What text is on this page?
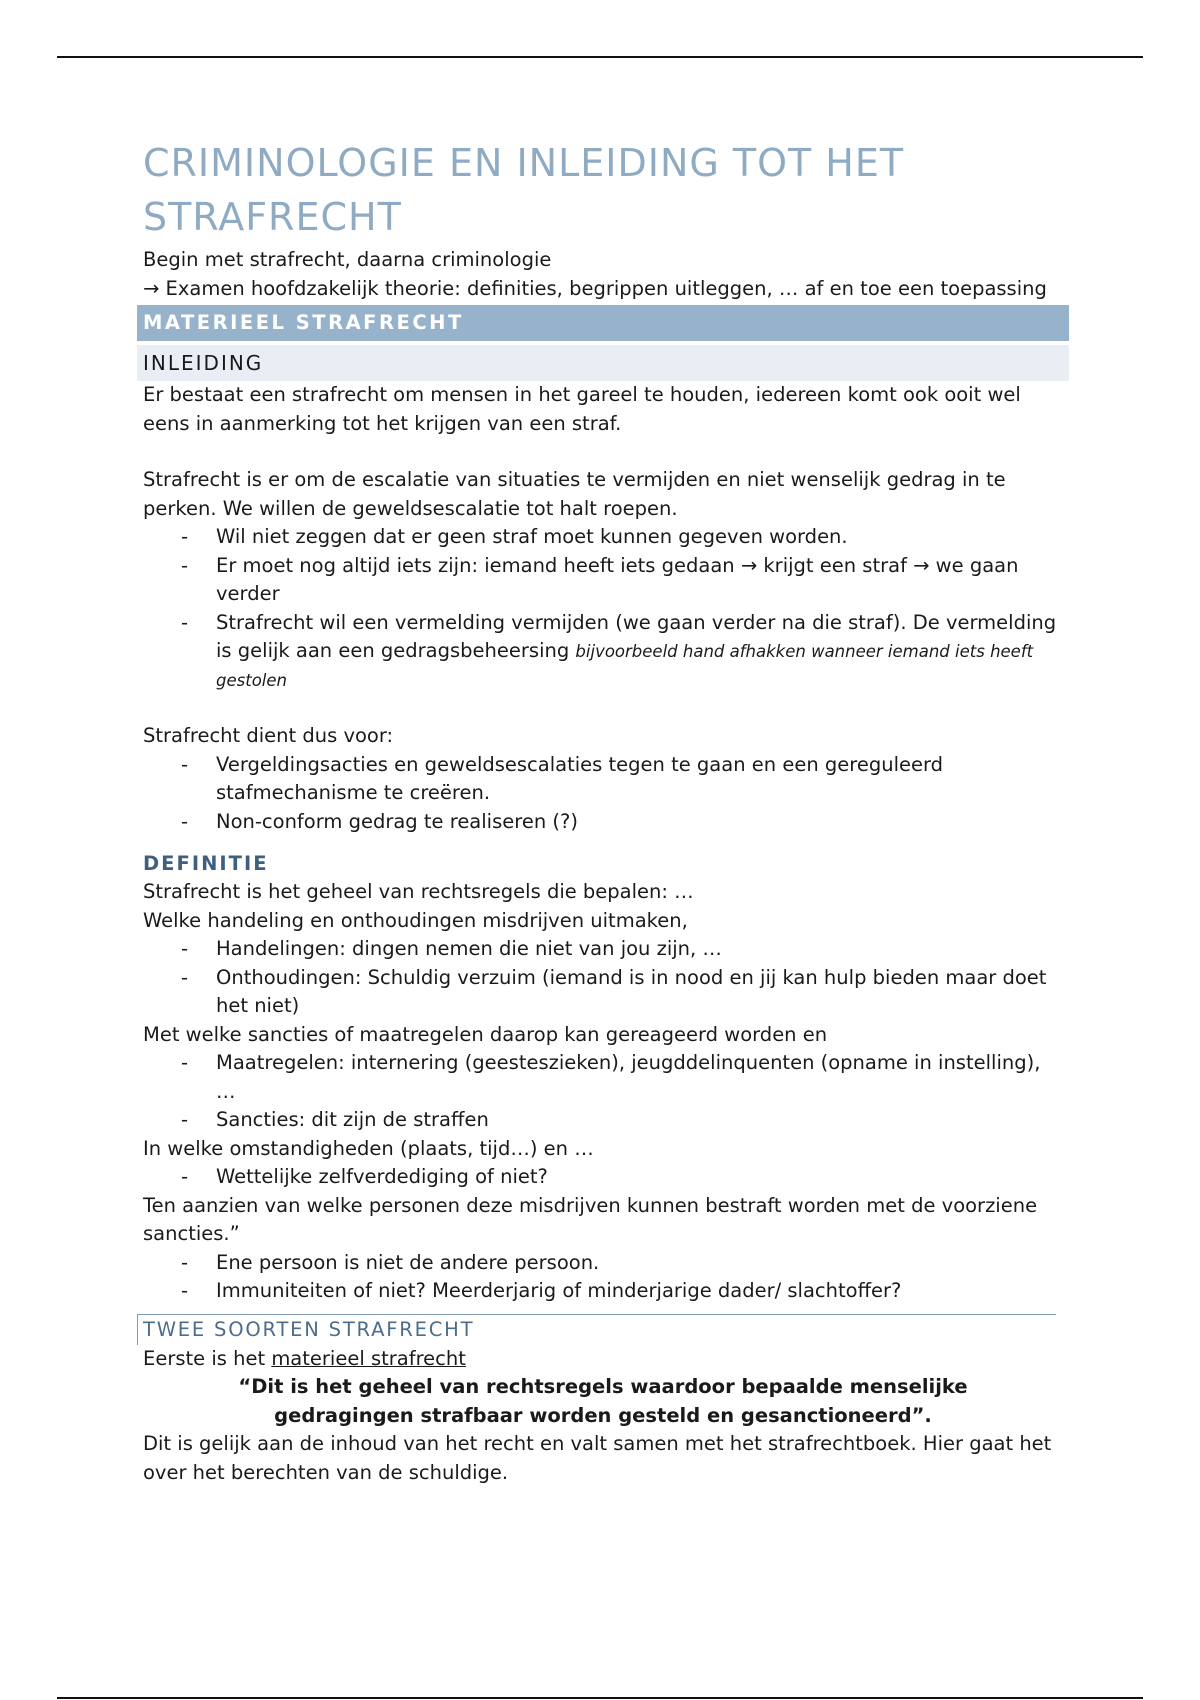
CRIMINOLOGIE EN INLEIDING TOT HET STRAFRECHT

Begin met strafrecht, daarna criminologie

→ Examen hoofdzakelijk theorie: definities, begrippen uitleggen, … af en toe een toepassing

MATERIEEL STRAFRECHT
INLEIDING

Er bestaat een strafrecht om mensen in het gareel te houden, iedereen komt ook ooit wel eens in aanmerking tot het krijgen van een straf.

Strafrecht is er om de escalatie van situaties te vermijden en niet wenselijk gedrag in te perken. We willen de geweldsescalatie tot halt roepen.

- Wil niet zeggen dat er geen straf moet kunnen gegeven worden.
- Er moet nog altijd iets zijn: iemand heeft iets gedaan → krijgt een straf → we gaan verder
- Strafrecht wil een vermelding vermijden (we gaan verder na die straf). De vermelding is gelijk aan een gedragsbeheersing bijvoorbeeld hand afhakken wanneer iemand iets heeft gestolen

Strafrecht dient dus voor:

- Vergeldingsacties en geweldsescalaties tegen te gaan en een gereguleerd stafmechanisme te creëren.
- Non-conform gedrag te realiseren (?)
DEFINITIE

Strafrecht is het geheel van rechtsregels die bepalen: …

Welke handeling en onthoudingen misdrijven uitmaken,

- Handelingen: dingen nemen die niet van jou zijn, …
- Onthoudingen: Schuldig verzuim (iemand is in nood en jij kan hulp bieden maar doet het niet)

Met welke sancties of maatregelen daarop kan gereageerd worden en

- Maatregelen: internering (geesteszieken), jeugddelinquenten (opname in instelling), …
- Sancties: dit zijn de straffen

In welke omstandigheden (plaats, tijd…) en …

- Wettelijke zelfverdediging of niet?

Ten aanzien van welke personen deze misdrijven kunnen bestraft worden met de voorziene sancties.”

- Ene persoon is niet de andere persoon.
- Immuniteiten of niet? Meerderjarig of minderjarige dader/ slachtoffer?
TWEE SOORTEN STRAFRECHT

Eerste is het materieel strafrecht

“Dit is het geheel van rechtsregels waardoor bepaalde menselijke gedragingen strafbaar worden gesteld en gesanctioneerd”.

Dit is gelijk aan de inhoud van het recht en valt samen met het strafrechtboek. Hier gaat het over het berechten van de schuldige.
